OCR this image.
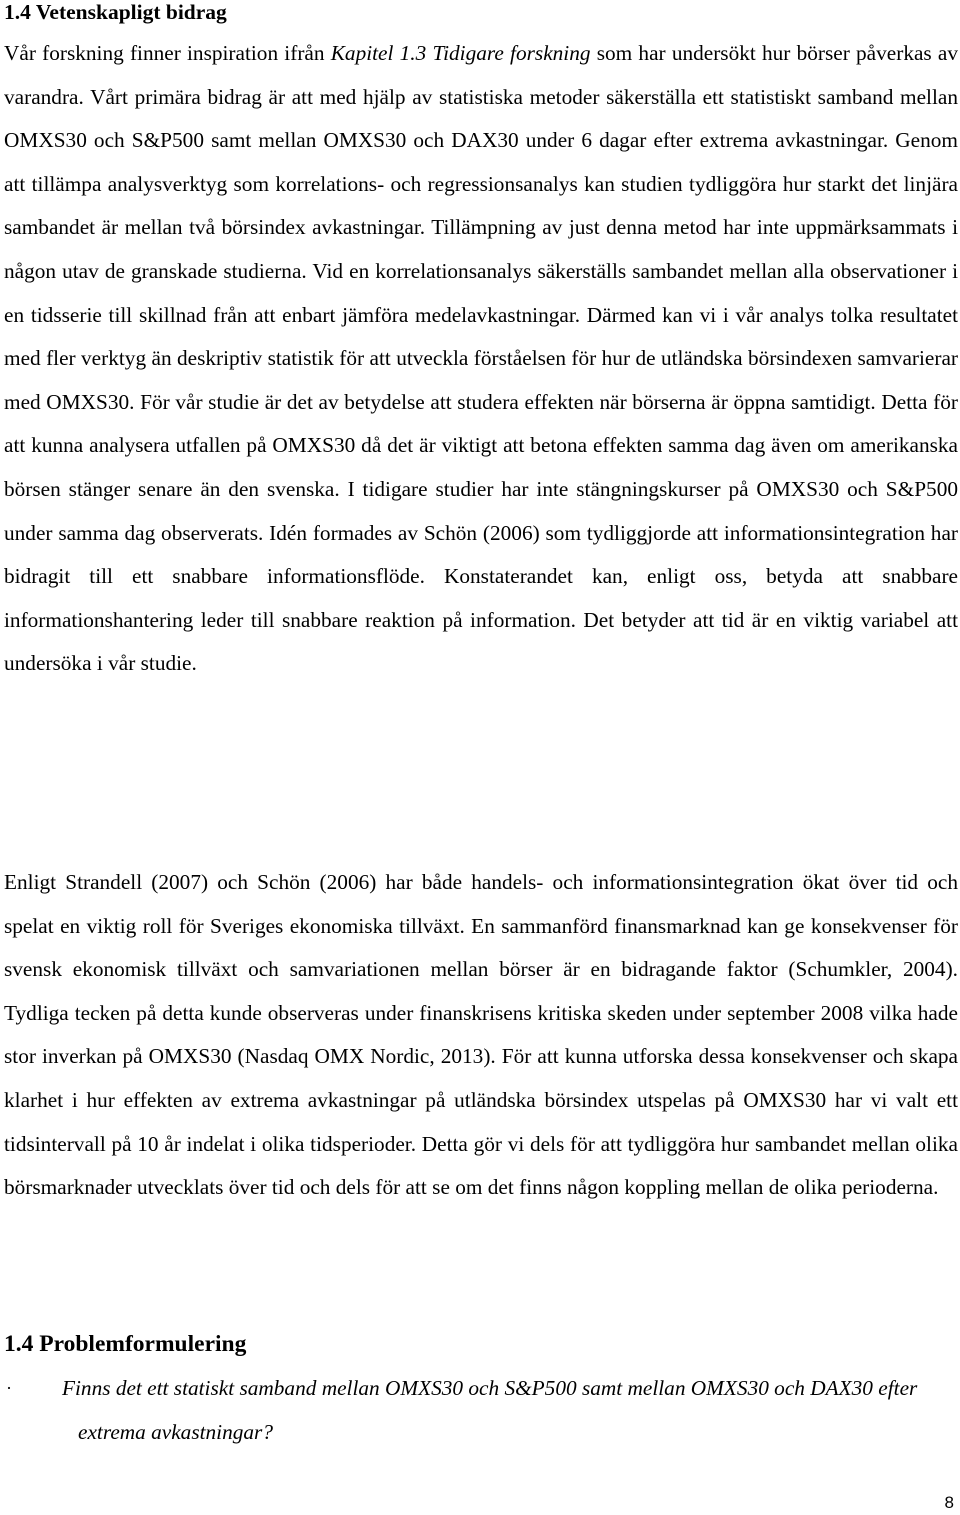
1.4 Vetenskapligt bidrag

Vår forskning finner inspiration ifrån Kapitel 1.3 Tidigare forskning som har undersökt hur börser påverkas av varandra. Vårt primära bidrag är att med hjälp av statistiska metoder säkerställa ett statistiskt samband mellan OMXS30 och S&P500 samt mellan OMXS30 och DAX30 under 6 dagar efter extrema avkastningar. Genom att tillämpa analysverktyg som korrelations- och regressionsanalys kan studien tydliggöra hur starkt det linjära sambandet är mellan två börsindex avkastningar. Tillämpning av just denna metod har inte uppmärksammats i någon utav de granskade studierna. Vid en korrelationsanalys säkerställs sambandet mellan alla observationer i en tidsserie till skillnad från att enbart jämföra medelavkastningar. Därmed kan vi i vår analys tolka resultatet med fler verktyg än deskriptiv statistik för att utveckla förståelsen för hur de utländska börsindexen samvarierar med OMXS30. För vår studie är det av betydelse att studera effekten när börserna är öppna samtidigt. Detta för att kunna analysera utfallen på OMXS30 då det är viktigt att betona effekten samma dag även om amerikanska börsen stänger senare än den svenska. I tidigare studier har inte stängningskurser på OMXS30 och S&P500 under samma dag observerats. Idén formades av Schön (2006) som tydliggjorde att informationsintegration har bidragit till ett snabbare informationsflöde. Konstaterandet kan, enligt oss, betyda att snabbare informationshantering leder till snabbare reaktion på information. Det betyder att tid är en viktig variabel att undersöka i vår studie.

Enligt Strandell (2007) och Schön (2006) har både handels- och informationsintegration ökat över tid och spelat en viktig roll för Sveriges ekonomiska tillväxt. En sammanförd finansmarknad kan ge konsekvenser för svensk ekonomisk tillväxt och samvariationen mellan börser är en bidragande faktor (Schumkler, 2004). Tydliga tecken på detta kunde observeras under finanskrisens kritiska skeden under september 2008 vilka hade stor inverkan på OMXS30 (Nasdaq OMX Nordic, 2013). För att kunna utforska dessa konsekvenser och skapa klarhet i hur effekten av extrema avkastningar på utländska börsindex utspelas på OMXS30 har vi valt ett tidsintervall på 10 år indelat i olika tidsperioder. Detta gör vi dels för att tydliggöra hur sambandet mellan olika börsmarknader utvecklats över tid och dels för att se om det finns någon koppling mellan de olika perioderna.

1.4 Problemformulering
·	Finns det ett statiskt samband mellan OMXS30 och S&P500 samt mellan OMXS30 och DAX30 efter extrema avkastningar?
8
